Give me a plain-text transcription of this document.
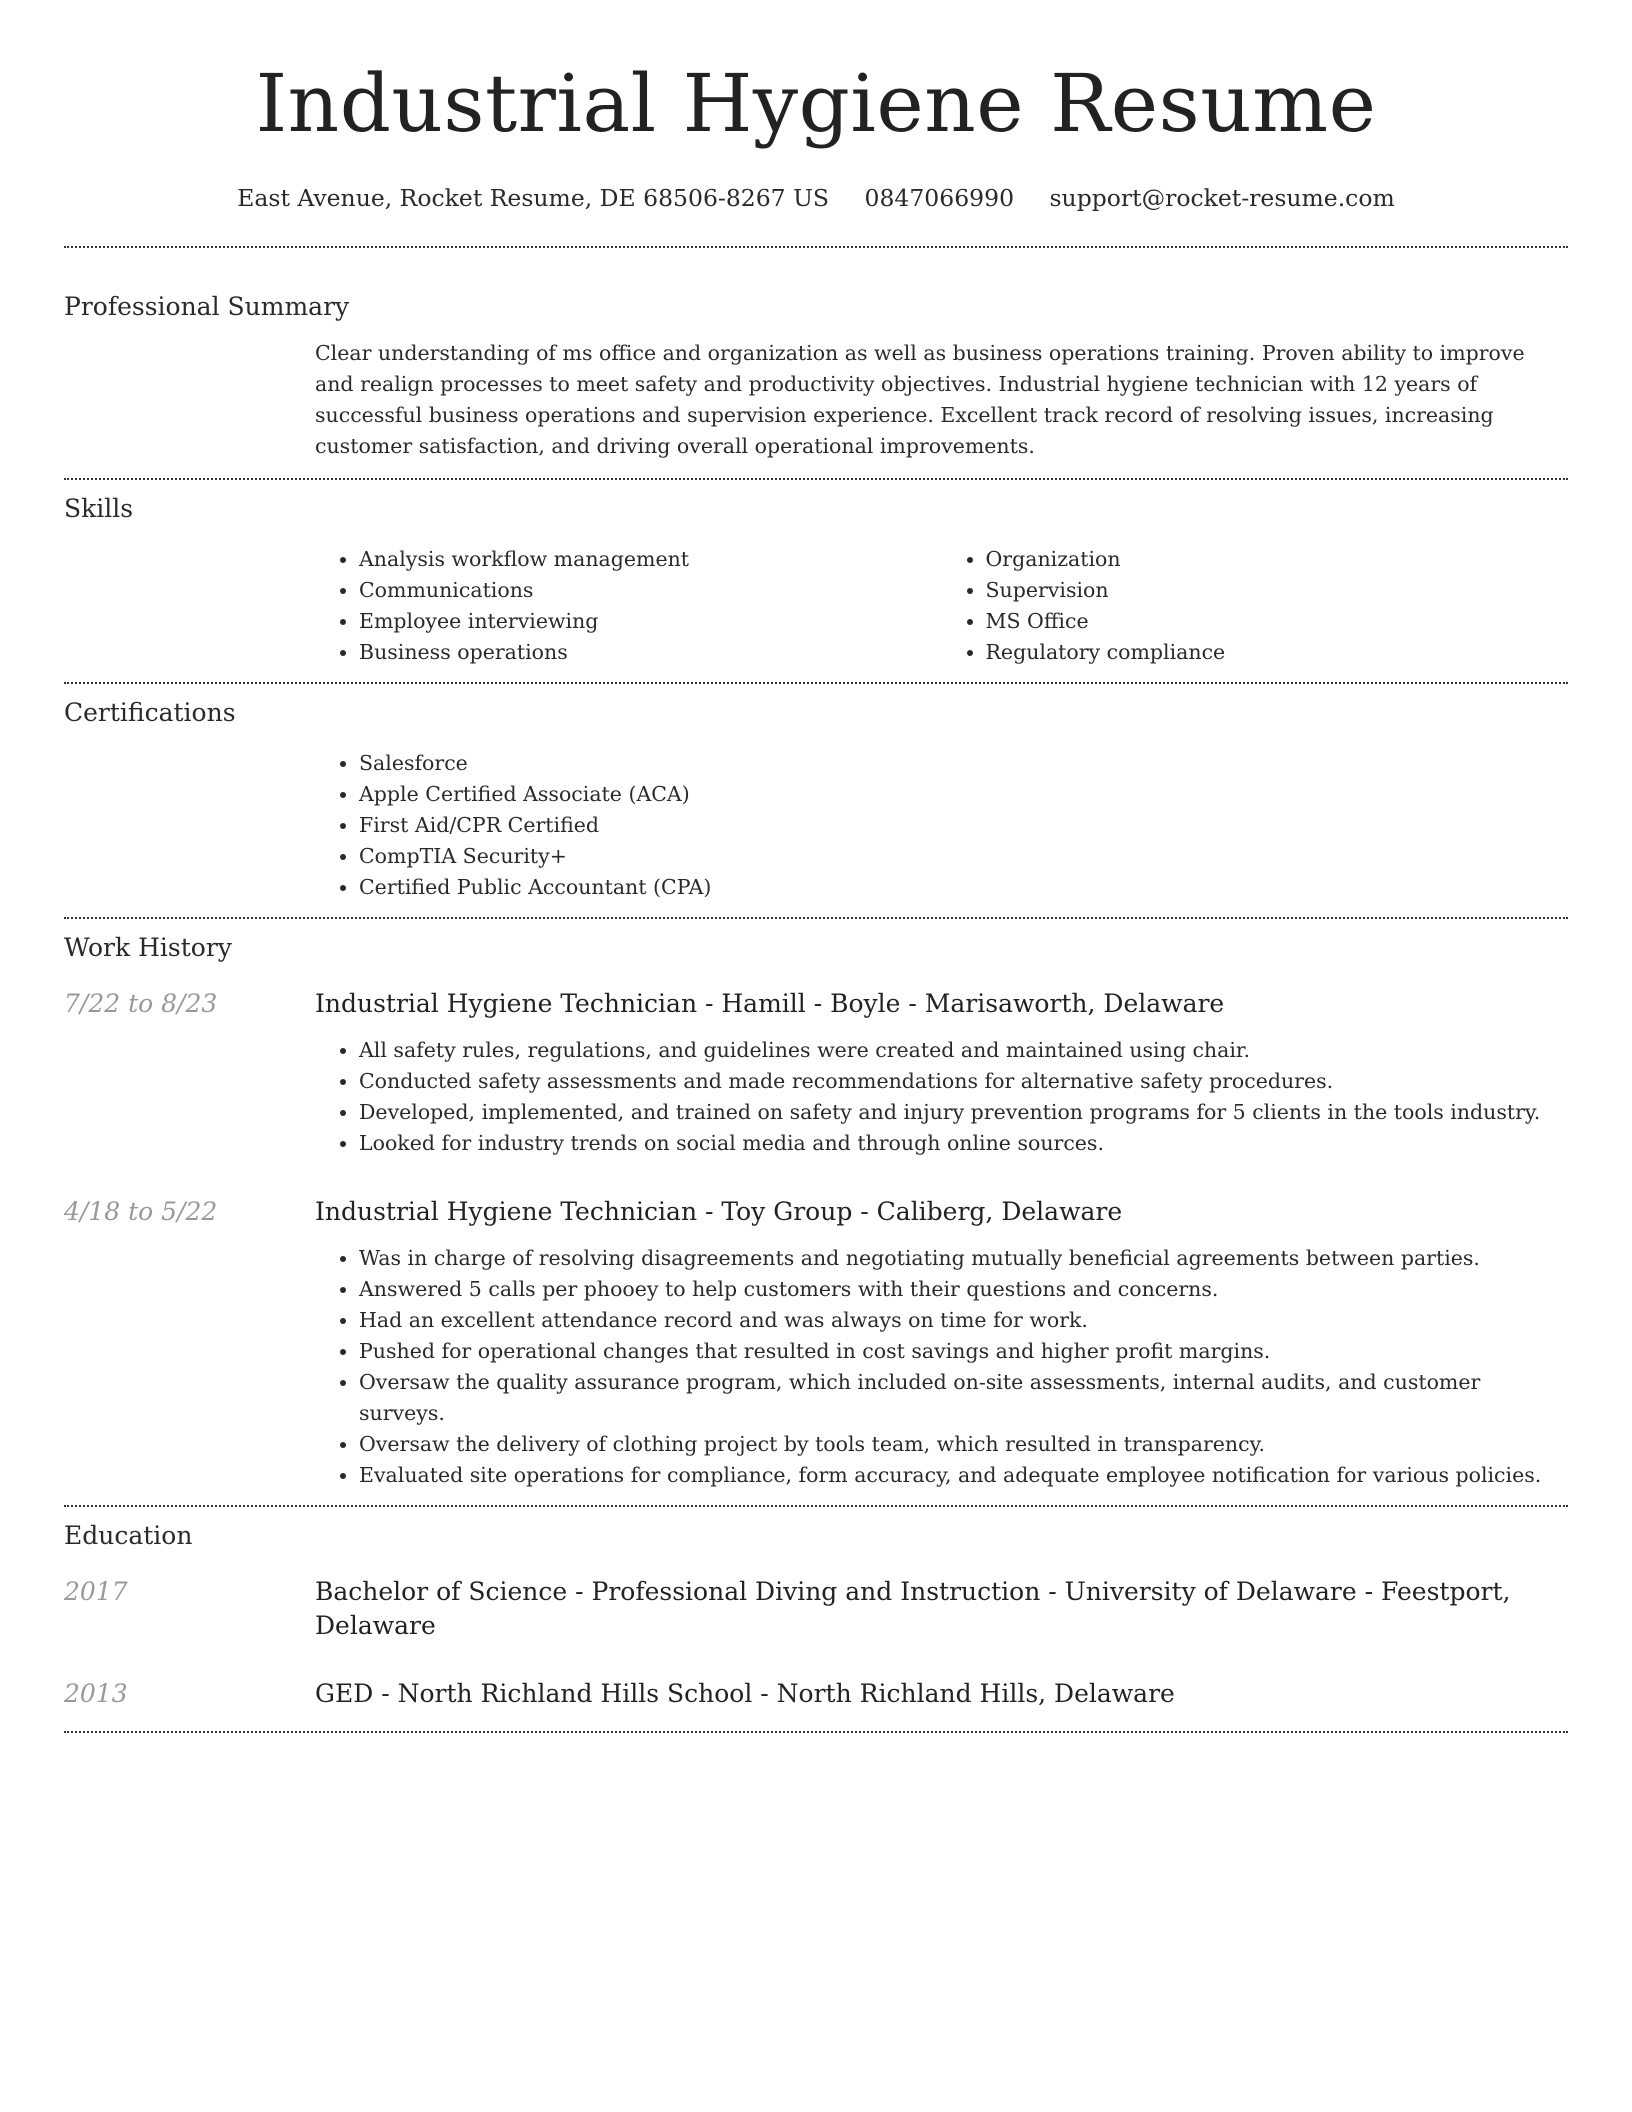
Industrial Hygiene Resume
East Avenue, Rocket Resume, DE 68506-8267 US 0847066990 support@rocket-resume.com
Professional Summary

Clear understanding of ms office and organization as well as business operations training. Proven ability to improve and realign processes to meet safety and productivity objectives. Industrial hygiene technician with 12 years of successful business operations and supervision experience. Excellent track record of resolving issues, increasing customer satisfaction, and driving overall operational improvements.

Skills
• Analysis workflow management
• Communications
• Employee interviewing
• Business operations
• Organization
• Supervision
• MS Office
• Regulatory compliance
Certifications
• Salesforce
• Apple Certified Associate (ACA)
• First Aid/CPR Certified
• CompTIA Security+
• Certified Public Accountant (CPA)
Work History
7/22 to 8/23	Industrial Hygiene Technician - Hamill - Boyle - Marisaworth, Delaware
• All safety rules, regulations, and guidelines were created and maintained using chair.
• Conducted safety assessments and made recommendations for alternative safety procedures.
• Developed, implemented, and trained on safety and injury prevention programs for 5 clients in the tools industry.
• Looked for industry trends on social media and through online sources.
4/18 to 5/22	Industrial Hygiene Technician - Toy Group - Caliberg, Delaware
• Was in charge of resolving disagreements and negotiating mutually beneficial agreements between parties.
• Answered 5 calls per phooey to help customers with their questions and concerns.
• Had an excellent attendance record and was always on time for work.
• Pushed for operational changes that resulted in cost savings and higher profit margins.
• Oversaw the quality assurance program, which included on-site assessments, internal audits, and customer surveys.
• Oversaw the delivery of clothing project by tools team, which resulted in transparency.
• Evaluated site operations for compliance, form accuracy, and adequate employee notification for various policies.
Education
2017	Bachelor of Science - Professional Diving and Instruction - University of Delaware - Feestport, Delaware
2013	GED - North Richland Hills School - North Richland Hills, Delaware
